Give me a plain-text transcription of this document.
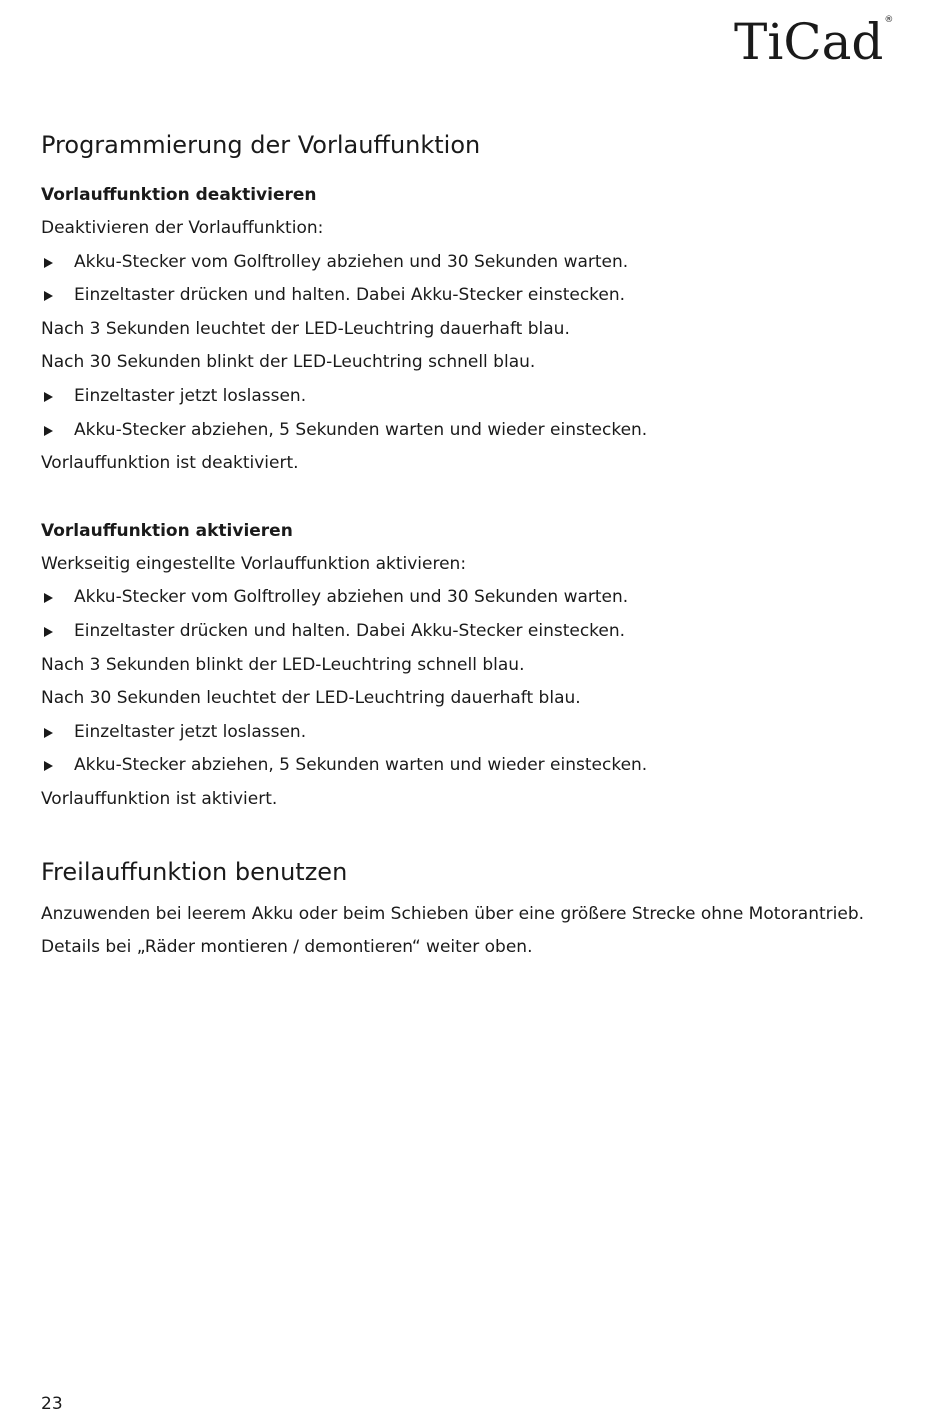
TiCad ®
Programmierung der Vorlauffunktion
Vorlauffunktion deaktivieren

Deaktivieren der Vorlauffunktion:

Akku-Stecker vom Golftrolley abziehen und 30 Sekunden warten.

Einzeltaster drücken und halten. Dabei Akku-Stecker einstecken.

Nach 3 Sekunden leuchtet der LED-Leuchtring dauerhaft blau.

Nach 30 Sekunden blinkt der LED-Leuchtring schnell blau.

Einzeltaster jetzt loslassen.

Akku-Stecker abziehen, 5 Sekunden warten und wieder einstecken.

Vorlauffunktion ist deaktiviert.

Vorlauffunktion aktivieren

Werkseitig eingestellte Vorlauffunktion aktivieren:

Akku-Stecker vom Golftrolley abziehen und 30 Sekunden warten.

Einzeltaster drücken und halten. Dabei Akku-Stecker einstecken.

Nach 3 Sekunden blinkt der LED-Leuchtring schnell blau.

Nach 30 Sekunden leuchtet der LED-Leuchtring dauerhaft blau.

Einzeltaster jetzt loslassen.

Akku-Stecker abziehen, 5 Sekunden warten und wieder einstecken.

Vorlauffunktion ist aktiviert.

Freilauffunktion benutzen

Anzuwenden bei leerem Akku oder beim Schieben über eine größere Strecke ohne Motorantrieb.

Details bei „Räder montieren / demontieren“ weiter oben.

23
